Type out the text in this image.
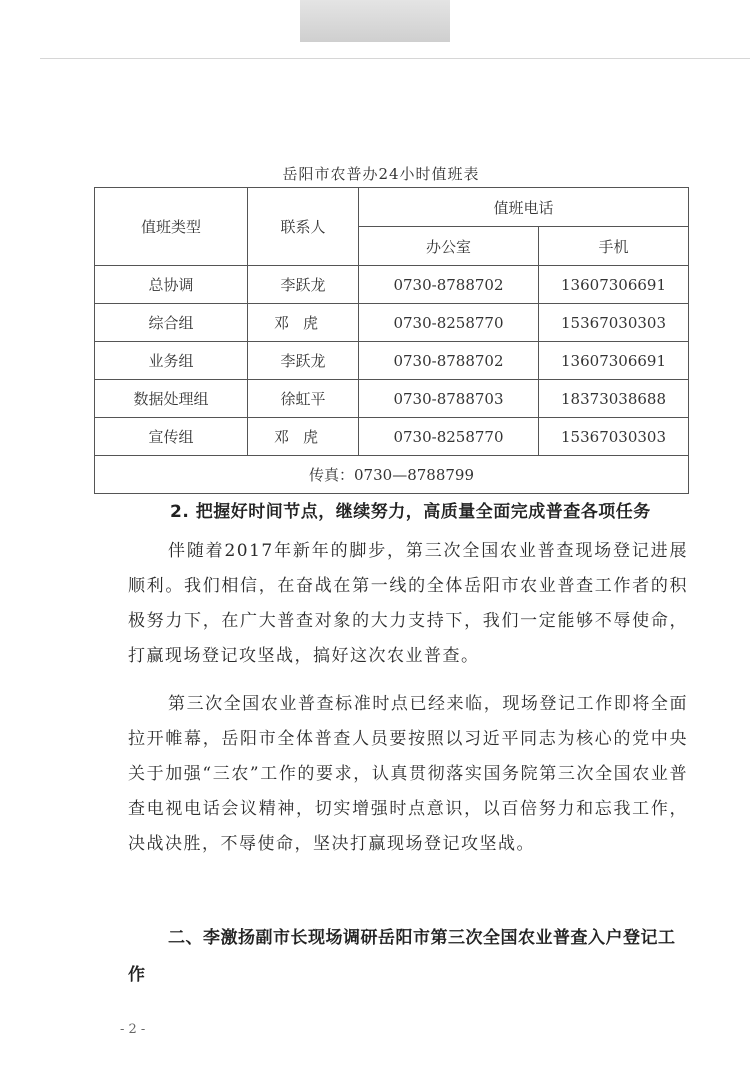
岳阳市农普办24小时值班表
值班类型	联系人	值班电话	
		办公室	手机
总协调	李跃龙	0730-8788702	13607306691
综合组	邓虎	0730-8258770	15367030303
业务组	李跃龙	0730-8788702	13607306691
数据处理组	徐虹平	0730-8788703	18373038688
宣传组	邓虎	0730-8258770	15367030303
传真：0730—8788799			
2. 把握好时间节点，继续努力，高质量全面完成普查各项任务
伴随着2017年新年的脚步，第三次全国农业普查现场登记进展顺利。我们相信，在奋战在第一线的全体岳阳市农业普查工作者的积极努力下，在广大普查对象的大力支持下，我们一定能够不辱使命，打赢现场登记攻坚战，搞好这次农业普查。
第三次全国农业普查标准时点已经来临，现场登记工作即将全面拉开帷幕，岳阳市全体普查人员要按照以习近平同志为核心的党中央关于加强“三农”工作的要求，认真贯彻落实国务院第三次全国农业普查电视电话会议精神，切实增强时点意识，以百倍努力和忘我工作，决战决胜，不辱使命，坚决打赢现场登记攻坚战。
二、李激扬副市长现场调研岳阳市第三次全国农业普查入户登记工作
- 2 -
